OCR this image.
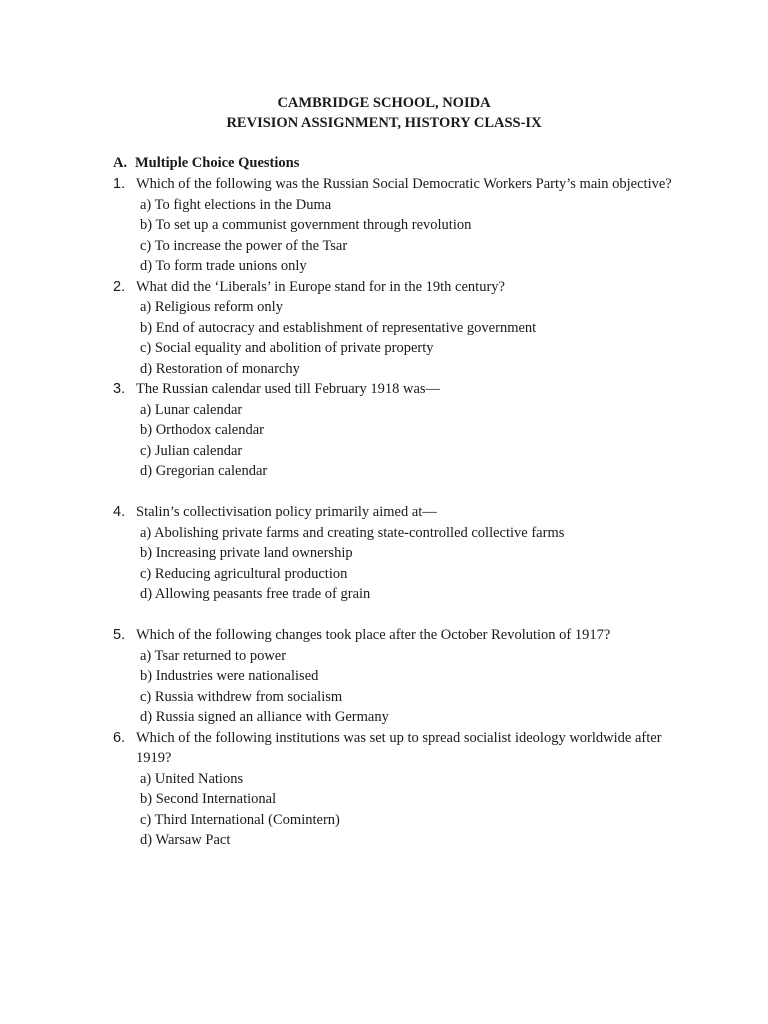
CAMBRIDGE SCHOOL, NOIDA
REVISION ASSIGNMENT, HISTORY CLASS-IX
A. Multiple Choice Questions
1. Which of the following was the Russian Social Democratic Workers Party’s main objective?
a) To fight elections in the Duma
b) To set up a communist government through revolution
c) To increase the power of the Tsar
d) To form trade unions only
2. What did the ‘Liberals’ in Europe stand for in the 19th century?
a) Religious reform only
b) End of autocracy and establishment of representative government
c) Social equality and abolition of private property
d) Restoration of monarchy
3. The Russian calendar used till February 1918 was—
a) Lunar calendar
b) Orthodox calendar
c) Julian calendar
d) Gregorian calendar
4. Stalin’s collectivisation policy primarily aimed at—
a) Abolishing private farms and creating state-controlled collective farms
b) Increasing private land ownership
c) Reducing agricultural production
d) Allowing peasants free trade of grain
5. Which of the following changes took place after the October Revolution of 1917?
a) Tsar returned to power
b) Industries were nationalised
c) Russia withdrew from socialism
d) Russia signed an alliance with Germany
6. Which of the following institutions was set up to spread socialist ideology worldwide after 1919?
a) United Nations
b) Second International
c) Third International (Comintern)
d) Warsaw Pact
